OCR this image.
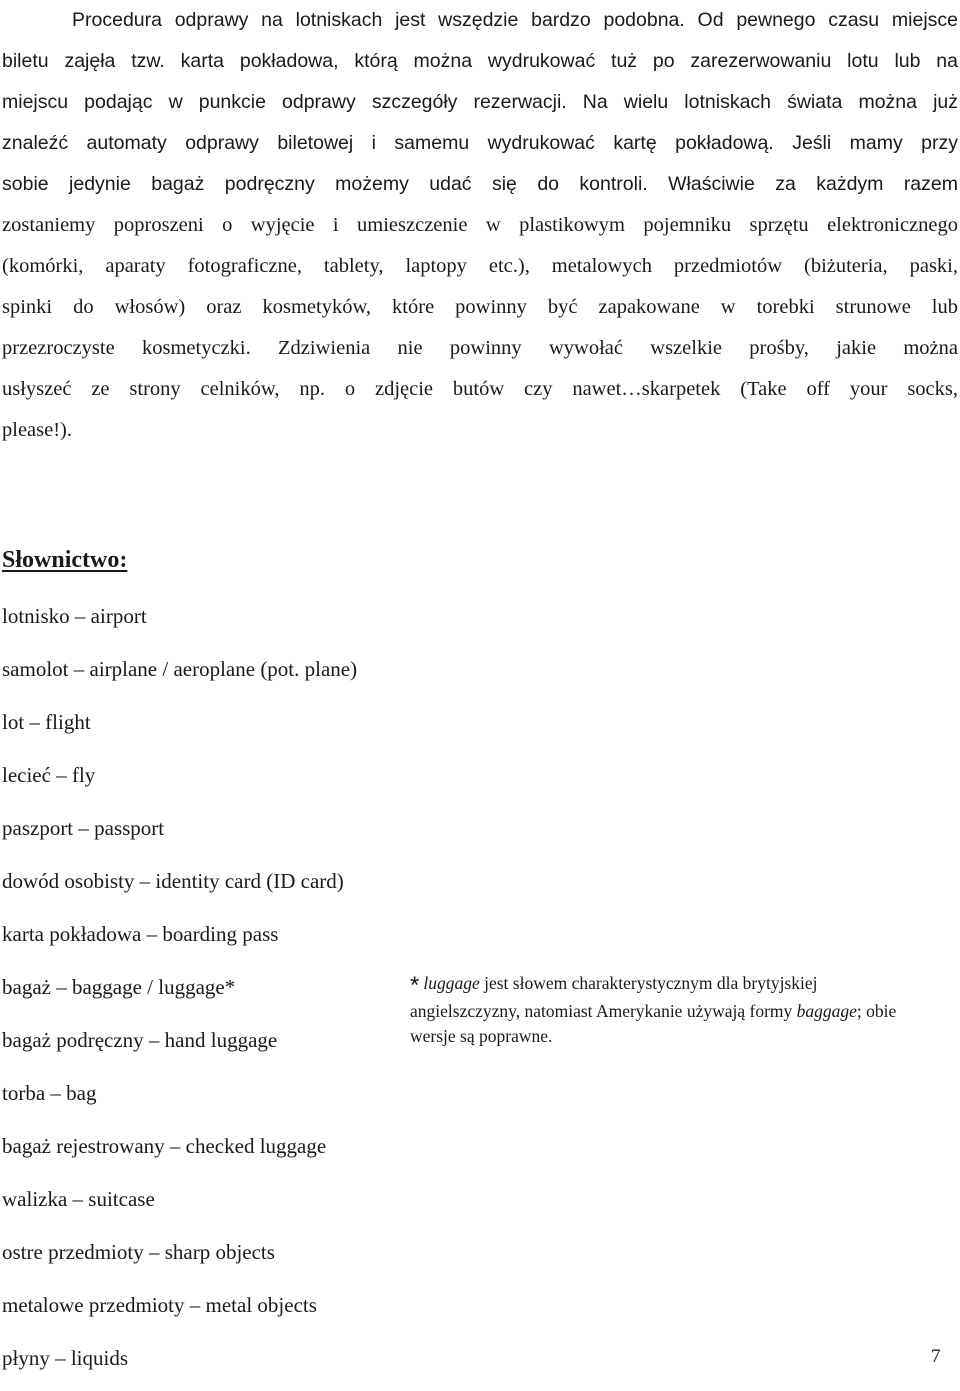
Procedura odprawy na lotniskach jest wszędzie bardzo podobna. Od pewnego czasu miejsce
biletu zajęła tzw. karta pokładowa, którą można wydrukować tuż po zarezerwowaniu lotu lub na
miejscu podając w punkcie odprawy szczegóły rezerwacji. Na wielu lotniskach świata można już
znaleźć automaty odprawy biletowej i samemu wydrukować kartę pokładową. Jeśli mamy przy
sobie jedynie bagaż podręczny możemy udać się do kontroli. Właściwie za każdym razem
zostaniemy poproszeni o wyjęcie i umieszczenie w plastikowym pojemniku sprzętu elektronicznego
(komórki, aparaty fotograficzne, tablety, laptopy etc.), metalowych przedmiotów (biżuteria, paski,
spinki do włosów) oraz kosmetyków, które powinny być zapakowane w torebki strunowe lub
przezroczyste kosmetyczki. Zdziwienia nie powinny wywołać wszelkie prośby, jakie można
usłyszeć ze strony celników, np. o zdjęcie butów czy nawet…skarpetek (Take off your socks,
please!).
Słownictwo:
lotnisko – airport
samolot – airplane / aeroplane (pot. plane)
lot – flight
lecieć – fly
paszport – passport
dowód osobisty – identity card (ID card)
karta pokładowa – boarding pass
bagaż – baggage / luggage*
bagaż podręczny – hand luggage
torba – bag
bagaż rejestrowany – checked luggage
walizka – suitcase
ostre przedmioty – sharp objects
metalowe przedmioty – metal objects
płyny – liquids

* luggage jest słowem charakterystycznym dla brytyjskiej angielszczyzny, natomiast Amerykanie używają formy baggage; obie wersje są poprawne.

7
